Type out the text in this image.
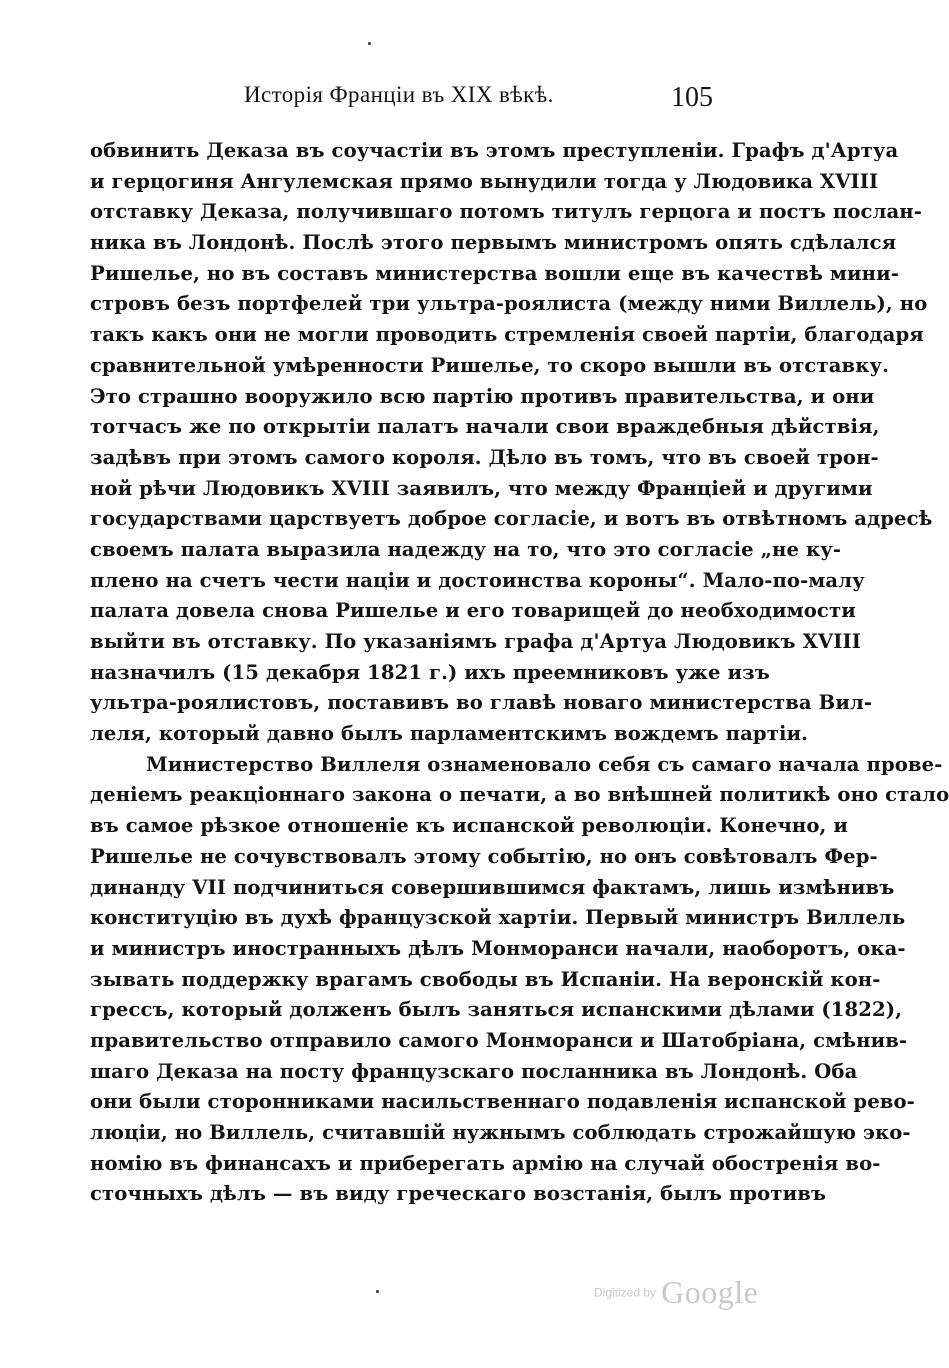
Исторія Франціи въ XIX вѣкѣ.	105
обвинить Деказа въ соучастіи въ этомъ преступленіи. Графъ д'Артуа
и герцогиня Ангулемская прямо вынудили тогда у Людовика XVIII
отставку Деказа, получившаго потомъ титулъ герцога и постъ послан-
ника въ Лондонѣ. Послѣ этого первымъ министромъ опять сдѣлался
Ришелье, но въ составъ министерства вошли еще въ качествѣ мини-
стровъ безъ портфелей три ультра-роялиста (между ними Виллель), но
такъ какъ они не могли проводить стремленія своей партіи, благодаря
сравнительной умѣренности Ришелье, то скоро вышли въ отставку.
Это страшно вооружило всю партію противъ правительства, и они
тотчасъ же по открытіи палатъ начали свои враждебныя дѣйствія,
задѣвъ при этомъ самого короля. Дѣло въ томъ, что въ своей трон-
ной рѣчи Людовикъ XVIII заявилъ, что между Франціей и другими
государствами царствуетъ доброе согласіе, и вотъ въ отвѣтномъ адресѣ
своемъ палата выразила надежду на то, что это согласіе „не ку-
плено на счетъ чести націи и достоинства короны“. Мало-по-малу
палата довела снова Ришелье и его товарищей до необходимости
выйти въ отставку. По указаніямъ графа д'Артуа Людовикъ XVIII
назначилъ (15 декабря 1821 г.) ихъ преемниковъ уже изъ
ультра-роялистовъ, поставивъ во главѣ новаго министерства Вил-
леля, который давно былъ парламентскимъ вождемъ партіи.
Министерство Виллеля ознаменовало себя съ самаго начала прове-
деніемъ реакціоннаго закона о печати, а во внѣшней политикѣ оно стало
въ самое рѣзкое отношеніе къ испанской революціи. Конечно, и
Ришелье не сочувствовалъ этому событію, но онъ совѣтовалъ Фер-
динанду VII подчиниться совершившимся фактамъ, лишь измѣнивъ
конституцію въ духѣ французской хартіи. Первый министръ Виллель
и министръ иностранныхъ дѣлъ Монморанси начали, наоборотъ, ока-
зывать поддержку врагамъ свободы въ Испаніи. На веронскій кон-
грессъ, который долженъ былъ заняться испанскими дѣлами (1822),
правительство отправило самого Монморанси и Шатобріана, смѣнив-
шаго Деказа на посту французскаго посланника въ Лондонѣ. Оба
они были сторонниками насильственнаго подавленія испанской рево-
люціи, но Виллель, считавшій нужнымъ соблюдать строжайшую эко-
номію въ финансахъ и приберегать армію на случай обостренія во-
сточныхъ дѣлъ — въ виду греческаго возстанія, былъ противъ
Digitized by Google
